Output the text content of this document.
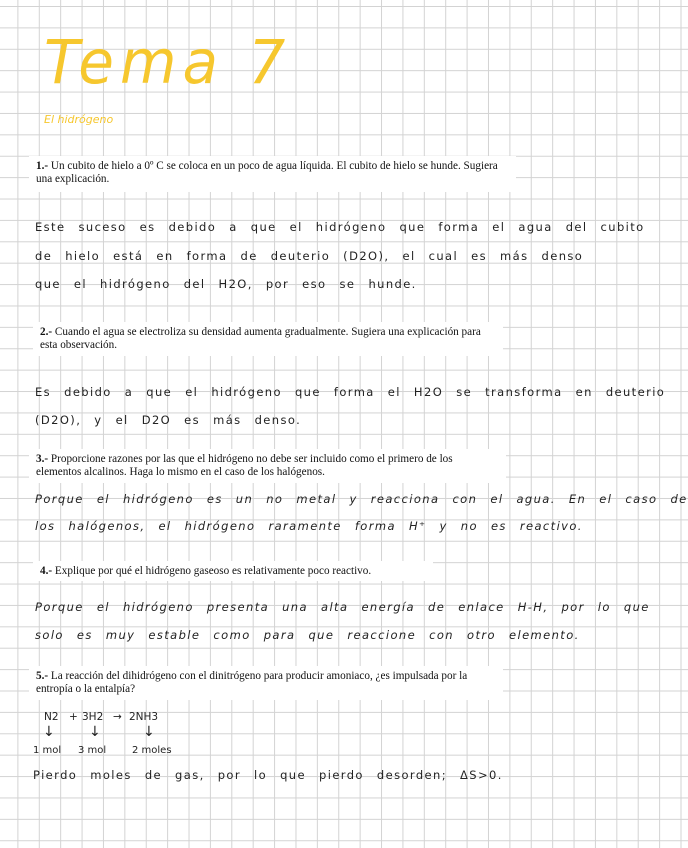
Tema 7
El hidrógeno
1.- Un cubito de hielo a 0º C se coloca en un poco de agua líquida. El cubito de hielo se hunde. Sugiera una explicación.

Este suceso es debido a que el hidrógeno que forma el agua del cubito

de hielo está en forma de deuterio (D2O), el cual es más denso

que el hidrógeno del H2O, por eso se hunde.

2.- Cuando el agua se electroliza su densidad aumenta gradualmente. Sugiera una explicación para esta observación.

Es debido a que el hidrógeno que forma el H2O se transforma en deuterio

(D2O), y el D2O es más denso.

3.- Proporcione razones por las que el hidrógeno no debe ser incluido como el primero de los elementos alcalinos. Haga lo mismo en el caso de los halógenos.

Porque el hidrógeno es un no metal y reacciona con el agua. En el caso de

los halógenos, el hidrógeno raramente forma H⁺ y no es reactivo.

4.- Explique por qué el hidrógeno gaseoso es relativamente poco reactivo.

Porque el hidrógeno presenta una alta energía de enlace H-H, por lo que

solo es muy estable como para que reaccione con otro elemento.

5.- La reacción del dihidrógeno con el dinitrógeno para producir amoniaco, ¿es impulsada por la entropía o la entalpía?
N2 + 3H2 → 2NH3
↓ ↓	↓
1 mol 3 mol	2 moles

Pierdo moles de gas, por lo que pierdo desorden; ΔS>0.
